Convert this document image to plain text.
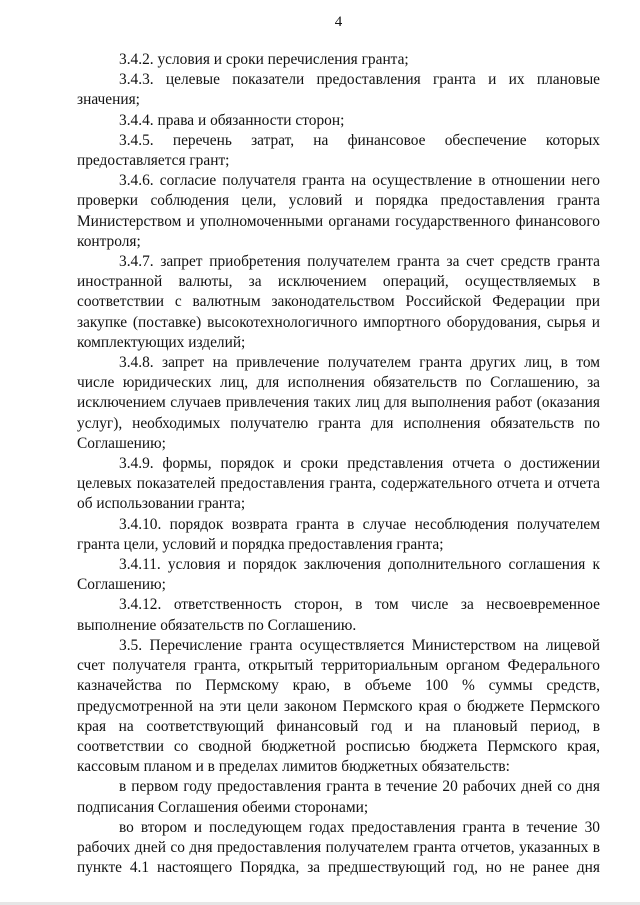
4

3.4.2. условия и сроки перечисления гранта;

3.4.3. целевые показатели предоставления гранта и их плановые значения;

3.4.4. права и обязанности сторон;

3.4.5. перечень затрат, на финансовое обеспечение которых предоставляется грант;

3.4.6. согласие получателя гранта на осуществление в отношении него проверки соблюдения цели, условий и порядка предоставления гранта Министерством и уполномоченными органами государственного финансового контроля;

3.4.7. запрет приобретения получателем гранта за счет средств гранта иностранной валюты, за исключением операций, осуществляемых в соответствии с валютным законодательством Российской Федерации при закупке (поставке) высокотехнологичного импортного оборудования, сырья и комплектующих изделий;

3.4.8. запрет на привлечение получателем гранта других лиц, в том числе юридических лиц, для исполнения обязательств по Соглашению, за исключением случаев привлечения таких лиц для выполнения работ (оказания услуг), необходимых получателю гранта для исполнения обязательств по Соглашению;

3.4.9. формы, порядок и сроки представления отчета о достижении целевых показателей предоставления гранта, содержательного отчета и отчета об использовании гранта;

3.4.10. порядок возврата гранта в случае несоблюдения получателем гранта цели, условий и порядка предоставления гранта;

3.4.11. условия и порядок заключения дополнительного соглашения к Соглашению;

3.4.12. ответственность сторон, в том числе за несвоевременное выполнение обязательств по Соглашению.

3.5. Перечисление гранта осуществляется Министерством на лицевой счет получателя гранта, открытый территориальным органом Федерального казначейства по Пермскому краю, в объеме 100 % суммы средств, предусмотренной на эти цели законом Пермского края о бюджете Пермского края на соответствующий финансовый год и на плановый период, в соответствии со сводной бюджетной росписью бюджета Пермского края, кассовым планом и в пределах лимитов бюджетных обязательств:

в первом году предоставления гранта в течение 20 рабочих дней со дня подписания Соглашения обеими сторонами;

во втором и последующем годах предоставления гранта в течение 30 рабочих дней со дня предоставления получателем гранта отчетов, указанных в пункте 4.1 настоящего Порядка, за предшествующий год, но не ранее дня
